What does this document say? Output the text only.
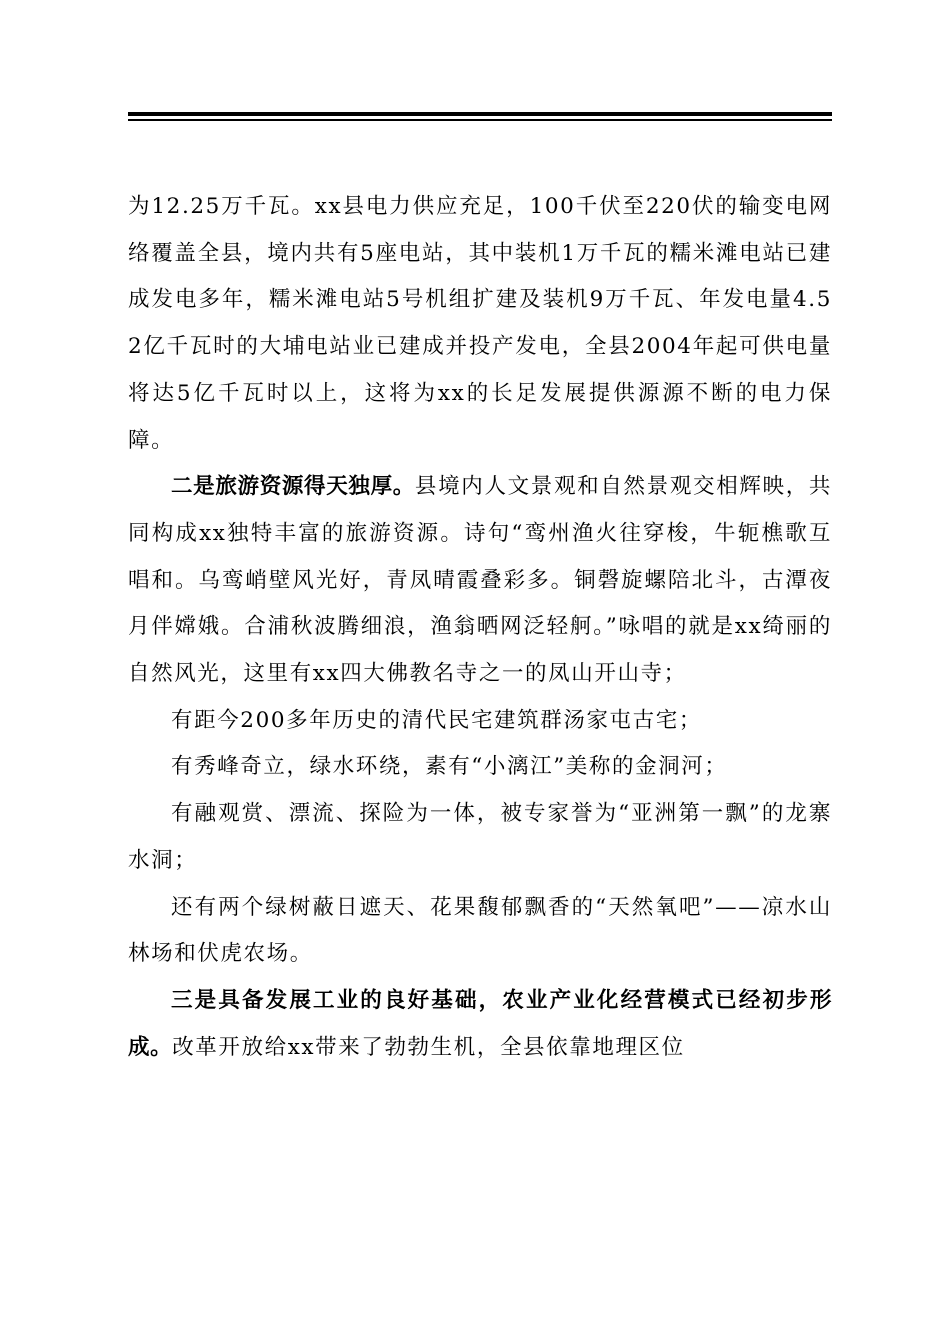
为12.25万千瓦。xx县电力供应充足，100千伏至220伏的输变电网络覆盖全县，境内共有5座电站，其中装机1万千瓦的糯米滩电站已建成发电多年，糯米滩电站5号机组扩建及装机9万千瓦、年发电量4.52亿千瓦时的大埔电站业已建成并投产发电，全县2004年起可供电量将达5亿千瓦时以上，这将为xx的长足发展提供源源不断的电力保障。

二是旅游资源得天独厚。县境内人文景观和自然景观交相辉映，共同构成xx独特丰富的旅游资源。诗句“鸾州渔火往穿梭，牛轭樵歌互唱和。乌鸾峭壁风光好，青凤晴霞叠彩多。铜磬旋螺陪北斗，古潭夜月伴嫦娥。合浦秋波腾细浪，渔翁晒网泛轻舸。”咏唱的就是xx绮丽的自然风光，这里有xx四大佛教名寺之一的凤山开山寺；

有距今200多年历史的清代民宅建筑群汤家屯古宅；

有秀峰奇立，绿水环绕，素有“小漓江”美称的金洞河；

有融观赏、漂流、探险为一体，被专家誉为“亚洲第一飘”的龙寨水洞；

还有两个绿树蔽日遮天、花果馥郁飘香的“天然氧吧”——凉水山林场和伏虎农场。

三是具备发展工业的良好基础，农业产业化经营模式已经初步形成。改革开放给xx带来了勃勃生机，全县依靠地理区位
